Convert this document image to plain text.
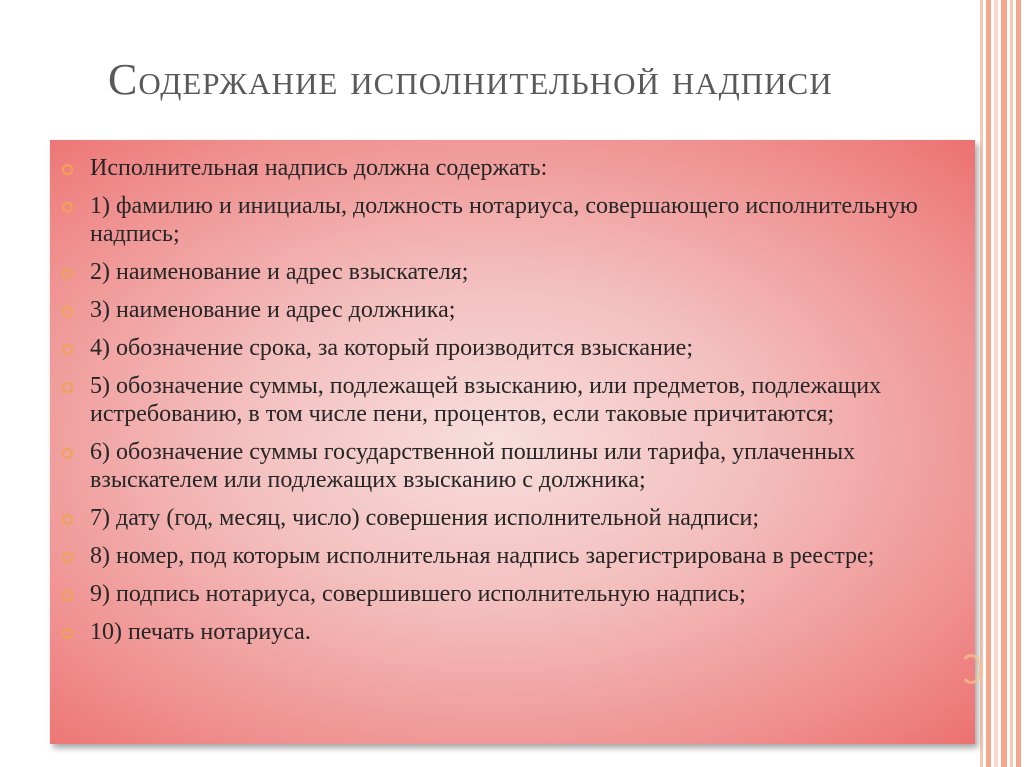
Содержание исполнительной надписи
Исполнительная надпись должна содержать:
1) фамилию и инициалы, должность нотариуса, совершающего исполнительную надпись;
2) наименование и адрес взыскателя;
3) наименование и адрес должника;
4) обозначение срока, за который производится взыскание;
5) обозначение суммы, подлежащей взысканию, или предметов, подлежащих истребованию, в том числе пени, процентов, если таковые причитаются;
6) обозначение суммы государственной пошлины или тарифа, уплаченных взыскателем или подлежащих взысканию с должника;
7) дату (год, месяц, число) совершения исполнительной надписи;
8) номер, под которым исполнительная надпись зарегистрирована в реестре;
9) подпись нотариуса, совершившего исполнительную надпись;
10) печать нотариуса.
